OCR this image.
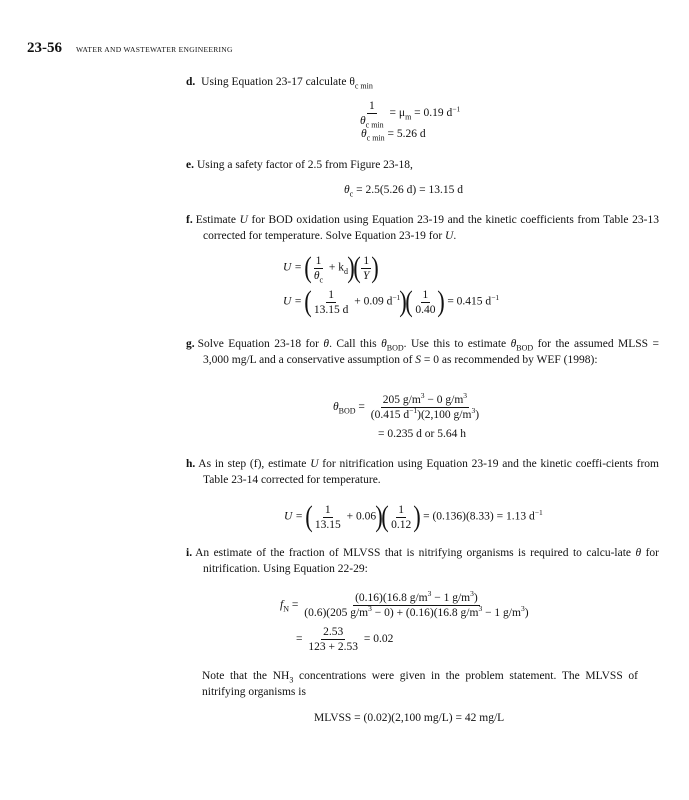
23-56 WATER AND WASTEWATER ENGINEERING
d. Using Equation 23-17 calculate $\theta_{c min}$
$\frac{1}{\theta_{c min}} = \mu_m = 0.19$ $d^{-1}$
$\theta_{c min} = 5.26$ d
e. Using a safety factor of 2.5 from Figure 23-18,
$\theta_c = 2.5(5.26$ d) = 13.15 d
f. Estimate U for BOD oxidation using Equation 23-19 and the kinetic coefficients from Table 23-13 corrected for temperature. Solve Equation 23-19 for U.
U = ( $\frac{1}{\theta_c} + k_d)( \frac{1}{Y}$ )
U = ( $\frac{1}{13.15 d} + 0.09$ $d^{-1})( \frac{1}{0.40}$ ) = 0.415 $d^{-1}$
g. Solve Equation 23-18 for θ. Call this $\theta_{BOD}$. Use this to estimate $\theta_{BOD}$ for the assumed MLSS = 3,000 mg/L and a conservative assumption of S = 0 as recommended by WEF (1998):
$\theta_{BOD} = \frac{205 g/m^3 - 0 g/m^3}{(0.415 d^{-1})(2,100 g/m^3)}$
= 0.235 d or 5.64 h
h. As in step (f), estimate U for nitrification using Equation 23-19 and the kinetic coeffi-cients from Table 23-14 corrected for temperature.
U = ( $\frac{1}{13.15} + 0.06)( \frac{1}{0.12}$ ) = (0.136)(8.33) = 1.13 $d^{-1}$
i. An estimate of the fraction of MLVSS that is nitrifying organisms is required to calcu-late θ for nitrification. Using Equation 22-29:
$f_N = \frac{(0.16)(16.8 g/m^3 - 1 g/m^3)}{(0.6)(205 g/m^3 - 0) + (0.16)(16.8 g/m^3 - 1 g/m^3)}$
= $\frac{2.53}{123 + 2.53} = 0.02$
Note that the $NH_3$ concentrations were given in the problem statement. The MLVSS of nitrifying organisms is
MLVSS = (0.02)(2,100 mg/L) = 42 mg/L
